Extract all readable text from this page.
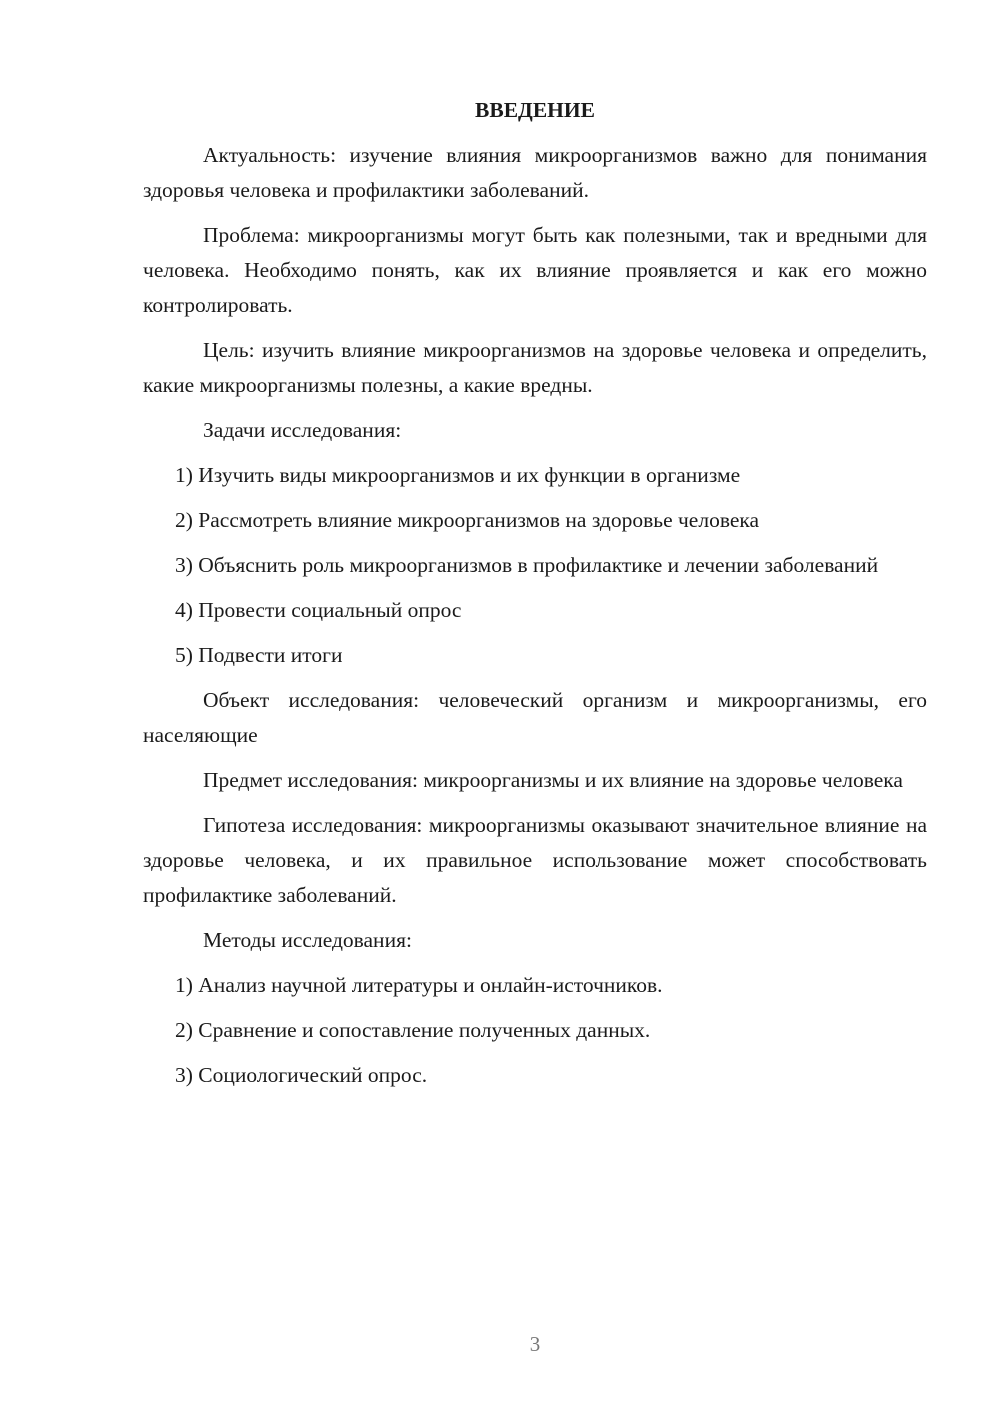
ВВЕДЕНИЕ

Актуальность: изучение влияния микроорганизмов важно для понимания здоровья человека и профилактики заболеваний.

Проблема: микроорганизмы могут быть как полезными, так и вредными для человека. Необходимо понять, как их влияние проявляется и как его можно контролировать.

Цель: изучить влияние микроорганизмов на здоровье человека и определить, какие микроорганизмы полезны, а какие вредны.

Задачи исследования:

1) Изучить виды микроорганизмов и их функции в организме

2) Рассмотреть влияние микроорганизмов на здоровье человека

3) Объяснить роль микроорганизмов в профилактике и лечении заболеваний

4) Провести социальный опрос

5) Подвести итоги

Объект исследования: человеческий организм и микроорганизмы, его населяющие

Предмет исследования: микроорганизмы и их влияние на здоровье человека

Гипотеза исследования: микроорганизмы оказывают значительное влияние на здоровье человека, и их правильное использование может способствовать профилактике заболеваний.

Методы исследования:

1) Анализ научной литературы и онлайн-источников.

2) Сравнение и сопоставление полученных данных.

3) Социологический опрос.

3
